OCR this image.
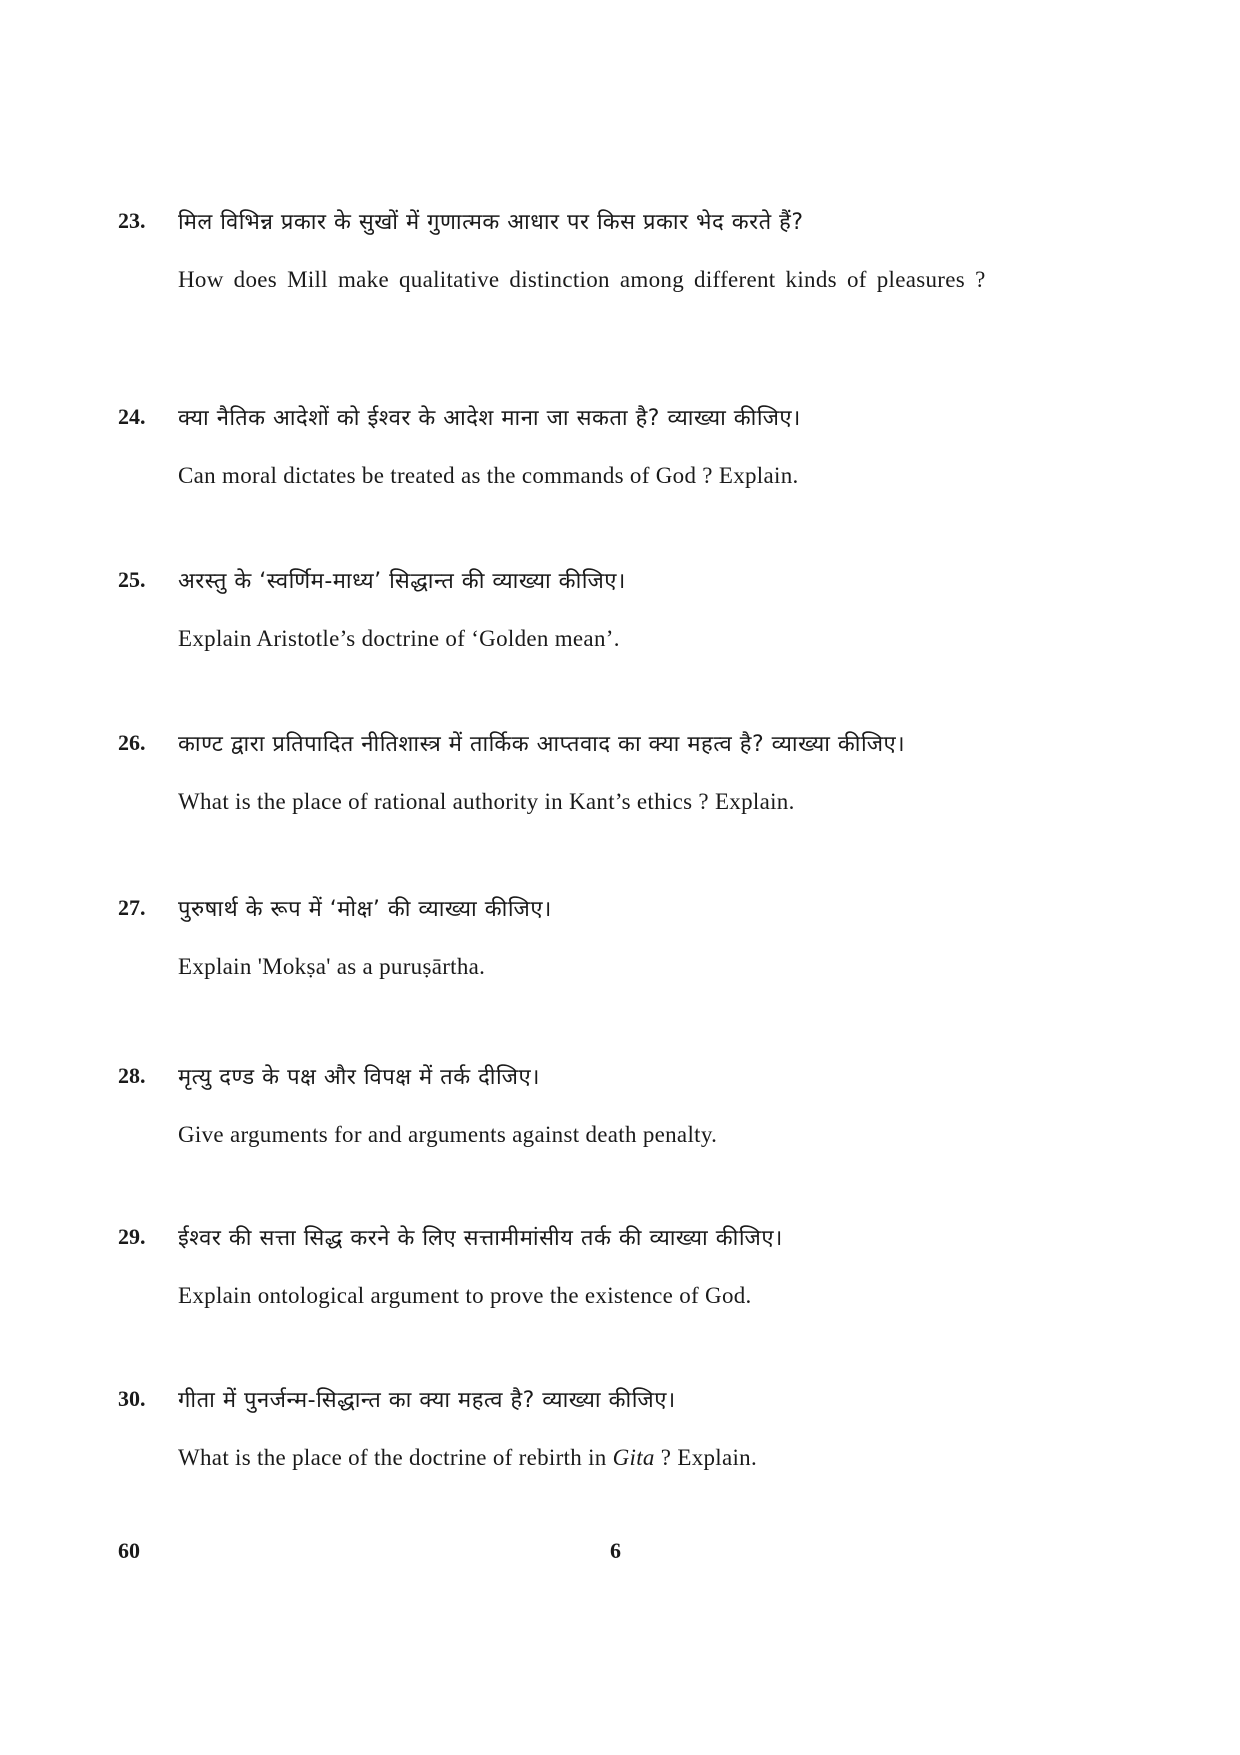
23. मिल विभिन्न प्रकार के सुखों में गुणात्मक आधार पर किस प्रकार भेद करते हैं?
How does Mill make qualitative distinction among different kinds of pleasures ?
24. क्या नैतिक आदेशों को ईश्वर के आदेश माना जा सकता है? व्याख्या कीजिए।
Can moral dictates be treated as the commands of God ? Explain.
25. अरस्तु के ‘स्वर्णिम-माध्य’ सिद्धान्त की व्याख्या कीजिए।
Explain Aristotle’s doctrine of ‘Golden mean’.
26. काण्ट द्वारा प्रतिपादित नीतिशास्त्र में तार्किक आप्तवाद का क्या महत्व है? व्याख्या कीजिए।
What is the place of rational authority in Kant’s ethics ? Explain.
27. पुरुषार्थ के रूप में ‘मोक्ष’ की व्याख्या कीजिए।
Explain 'Mokṣa' as a puruṣārtha.
28. मृत्यु दण्ड के पक्ष और विपक्ष में तर्क दीजिए।
Give arguments for and arguments against death penalty.
29. ईश्वर की सत्ता सिद्ध करने के लिए सत्तामीमांसीय तर्क की व्याख्या कीजिए।
Explain ontological argument to prove the existence of God.
30. गीता में पुनर्जन्म-सिद्धान्त का क्या महत्व है? व्याख्या कीजिए।
What is the place of the doctrine of rebirth in Gita ? Explain.
60	6
